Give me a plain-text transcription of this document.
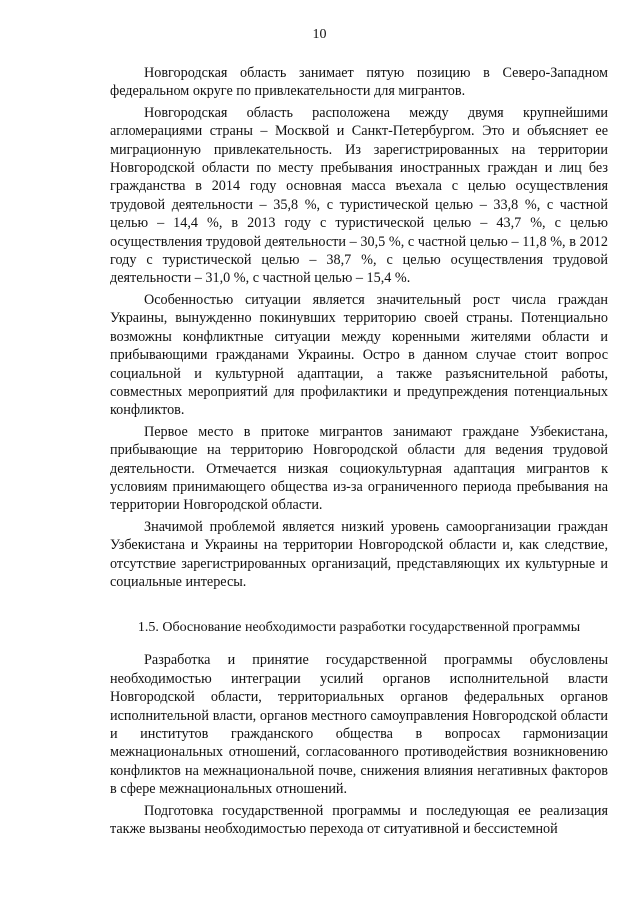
10

Новгородская область занимает пятую позицию в Северо-Западном федеральном округе по привлекательности для мигрантов.

Новгородская область расположена между двумя крупнейшими агломерациями страны – Москвой и Санкт-Петербургом. Это и объясняет ее миграционную привлекательность. Из зарегистрированных на территории Новгородской области по месту пребывания иностранных граждан и лиц без гражданства в 2014 году основная масса въехала с целью осуществления трудовой деятельности – 35,8 %, с туристической целью – 33,8 %, с частной целью – 14,4 %, в 2013 году с туристической целью – 43,7 %, с целью осуществления трудовой деятельности – 30,5 %, с частной целью – 11,8 %, в 2012 году с туристической целью – 38,7 %, с целью осуществления трудовой деятельности – 31,0 %, с частной целью – 15,4 %.

Особенностью ситуации является значительный рост числа граждан Украины, вынужденно покинувших территорию своей страны. Потенциально возможны конфликтные ситуации между коренными жителями области и прибывающими гражданами Украины. Остро в данном случае стоит вопрос социальной и культурной адаптации, а также разъяснительной работы, совместных мероприятий для профилактики и предупреждения потенциальных конфликтов.

Первое место в притоке мигрантов занимают граждане Узбекистана, прибывающие на территорию Новгородской области для ведения трудовой деятельности. Отмечается низкая социокультурная адаптация мигрантов к условиям принимающего общества из-за ограниченного периода пребывания на территории Новгородской области.

Значимой проблемой является низкий уровень самоорганизации граждан Узбекистана и Украины на территории Новгородской области и, как следствие, отсутствие зарегистрированных организаций, представляющих их культурные и социальные интересы.

1.5. Обоснование необходимости разработки государственной программы

Разработка и принятие государственной программы обусловлены необходимостью интеграции усилий органов исполнительной власти Новгородской области, территориальных органов федеральных органов исполнительной власти, органов местного самоуправления Новгородской области и институтов гражданского общества в вопросах гармонизации межнациональных отношений, согласованного противодействия возникновению конфликтов на межнациональной почве, снижения влияния негативных факторов в сфере межнациональных отношений.

Подготовка государственной программы и последующая ее реализация также вызваны необходимостью перехода от ситуативной и бессистемной
